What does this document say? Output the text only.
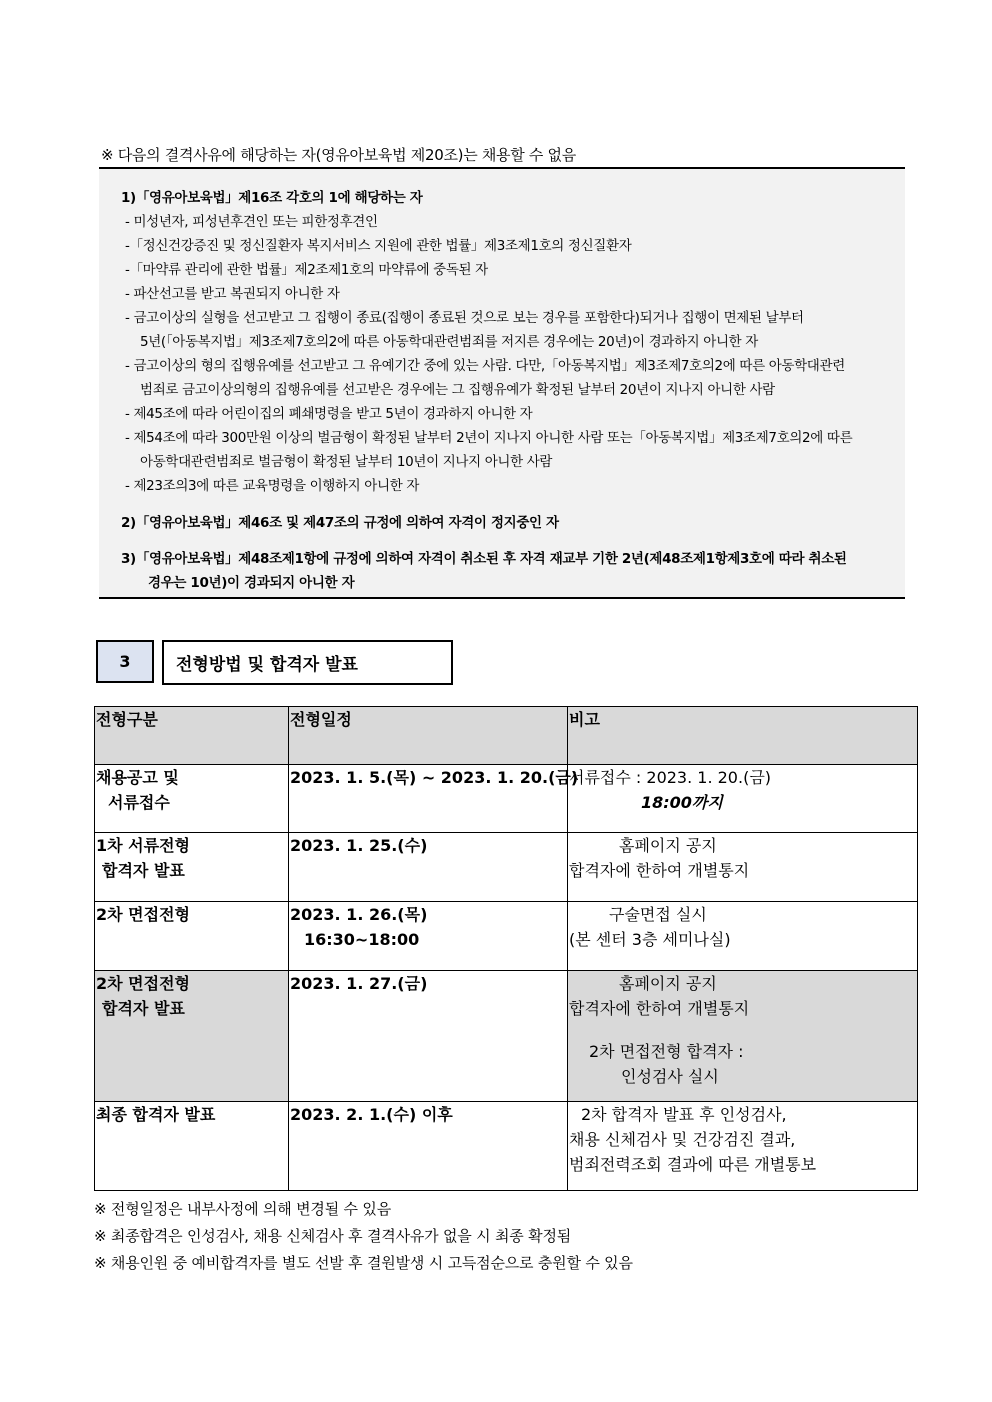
※ 다음의 결격사유에 해당하는 자(영유아보육법 제20조)는 채용할 수 없음
1)「영유아보육법」제16조 각호의 1에 해당하는 자
- 미성년자, 피성년후견인 또는 피한정후견인
-「정신건강증진 및 정신질환자 복지서비스 지원에 관한 법률」제3조제1호의 정신질환자
-「마약류 관리에 관한 법률」제2조제1호의 마약류에 중독된 자
- 파산선고를 받고 복권되지 아니한 자
- 금고이상의 실형을 선고받고 그 집행이 종료(집행이 종료된 것으로 보는 경우를 포함한다)되거나 집행이 면제된 날부터
5년(「아동복지법」제3조제7호의2에 따른 아동학대관련범죄를 저지른 경우에는 20년)이 경과하지 아니한 자
- 금고이상의 형의 집행유예를 선고받고 그 유예기간 중에 있는 사람. 다만,「아동복지법」제3조제7호의2에 따른 아동학대관련
범죄로 금고이상의형의 집행유예를 선고받은 경우에는 그 집행유예가 확정된 날부터 20년이 지나지 아니한 사람
- 제45조에 따라 어린이집의 폐쇄명령을 받고 5년이 경과하지 아니한 자
- 제54조에 따라 300만원 이상의 벌금형이 확정된 날부터 2년이 지나지 아니한 사람 또는「아동복지법」제3조제7호의2에 따른
아동학대관련범죄로 벌금형이 확정된 날부터 10년이 지나지 아니한 사람
- 제23조의3에 따른 교육명령을 이행하지 아니한 자
2)「영유아보육법」제46조 및 제47조의 규정에 의하여 자격이 정지중인 자
3)「영유아보육법」제48조제1항에 규정에 의하여 자격이 취소된 후 자격 재교부 기한 2년(제48조제1항제3호에 따라 취소된
경우는 10년)이 경과되지 아니한 자
3	전형방법 및 합격자 발표
전형구분	전형일정	비고

채용공고 및
서류접수	2023. 1. 5.(목) ~ 2023. 1. 20.(금)	서류접수 : 2023. 1. 20.(금)
18:00까지

1차 서류전형
합격자 발표	2023. 1. 25.(수)	홈페이지 공지
합격자에 한하여 개별통지

2차 면접전형	2023. 1. 26.(목)
16:30~18:00	구술면접 실시
(본 센터 3층 세미나실)

2차 면접전형
합격자 발표	2023. 1. 27.(금)	홈페이지 공지
합격자에 한하여 개별통지
2차 면접전형 합격자 :
인성검사 실시

최종 합격자 발표	2023. 2. 1.(수) 이후	2차 합격자 발표 후 인성검사,
채용 신체검사 및 건강검진 결과,
범죄전력조회 결과에 따른 개별통보
※ 전형일정은 내부사정에 의해 변경될 수 있음
※ 최종합격은 인성검사, 채용 신체검사 후 결격사유가 없을 시 최종 확정됨
※ 채용인원 중 예비합격자를 별도 선발 후 결원발생 시 고득점순으로 충원할 수 있음
